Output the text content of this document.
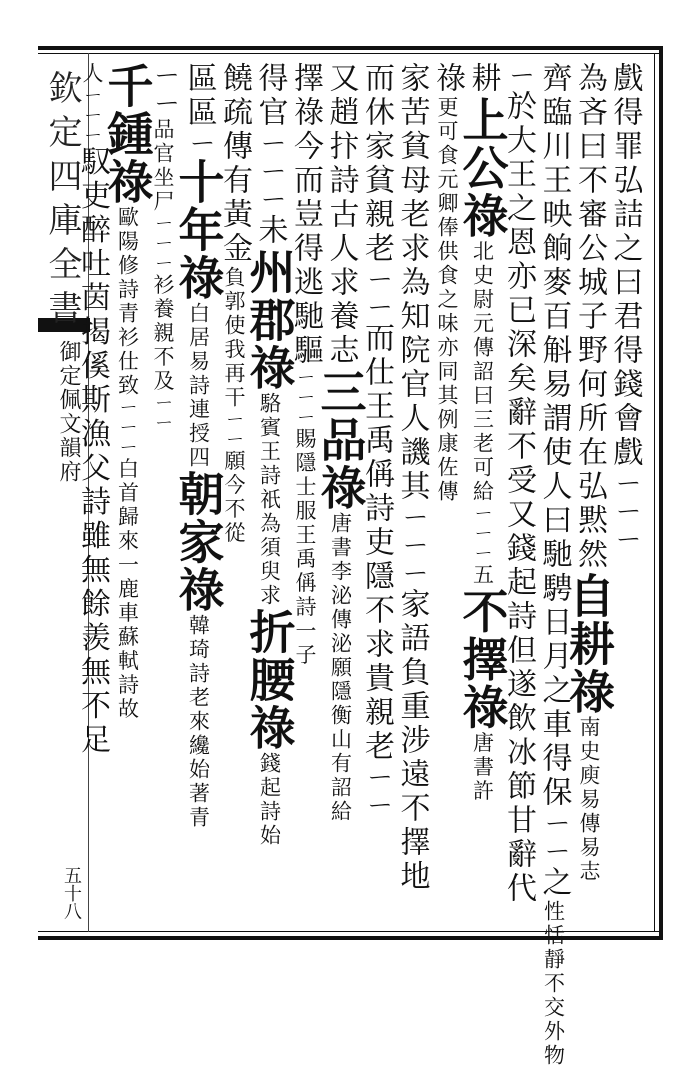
欽定四庫全書
御定佩文韻府
五十八
戲得罪弘詰之曰君得錢會戲ㄧㄧㄧ
為吝曰不審公城子野何所在弘黙然自耕祿南史庾易傳易志
齊臨川王映餉麥百斛易謂使人曰馳騁日月之車得保ㄧㄧ之性恬靜不交外物
ㄧ於大王之恩亦已深矣辭不受又錢起詩但遂飲冰節甘辭代
耕上公祿北史尉元傳詔曰三老可給ㄧㄧㄧ五不擇祿唐書許
祿更可食元卿俸供食之味亦同其例康佐傳
家苦貧母老求為知院官人譏其ㄧㄧㄧ家語負重涉遠不擇地
而休家貧親老ㄧㄧ而仕王禹偁詩吏隱不求貴親老ㄧㄧ
又趙抃詩古人求養志三品祿唐書李泌傳泌願隱衡山有詔給
擇祿今而豈得逃馳驅ㄧㄧㄧ賜隱士服王禹偁詩一子
得官ㄧㄧㄧ未州郡祿駱賓王詩祇為須臾求折腰祿錢起詩始
饒疏傳有黃金負郭使我再干ㄧㄧ願今不從
區區ㄧ十年祿白居易詩連授四朝家祿韓琦詩老來纔始著青
ㄧㄧ品官坐尸ㄧㄧㄧ衫養親不及ㄧㄧ
千鍾祿歐陽修詩青衫仕致ㄧㄧㄧ白首歸來一鹿車蘇軾詩故
人ㄧㄧㄧ馭吏醉吐茵揭傒斯漁父詩雖無餘羨無不足
